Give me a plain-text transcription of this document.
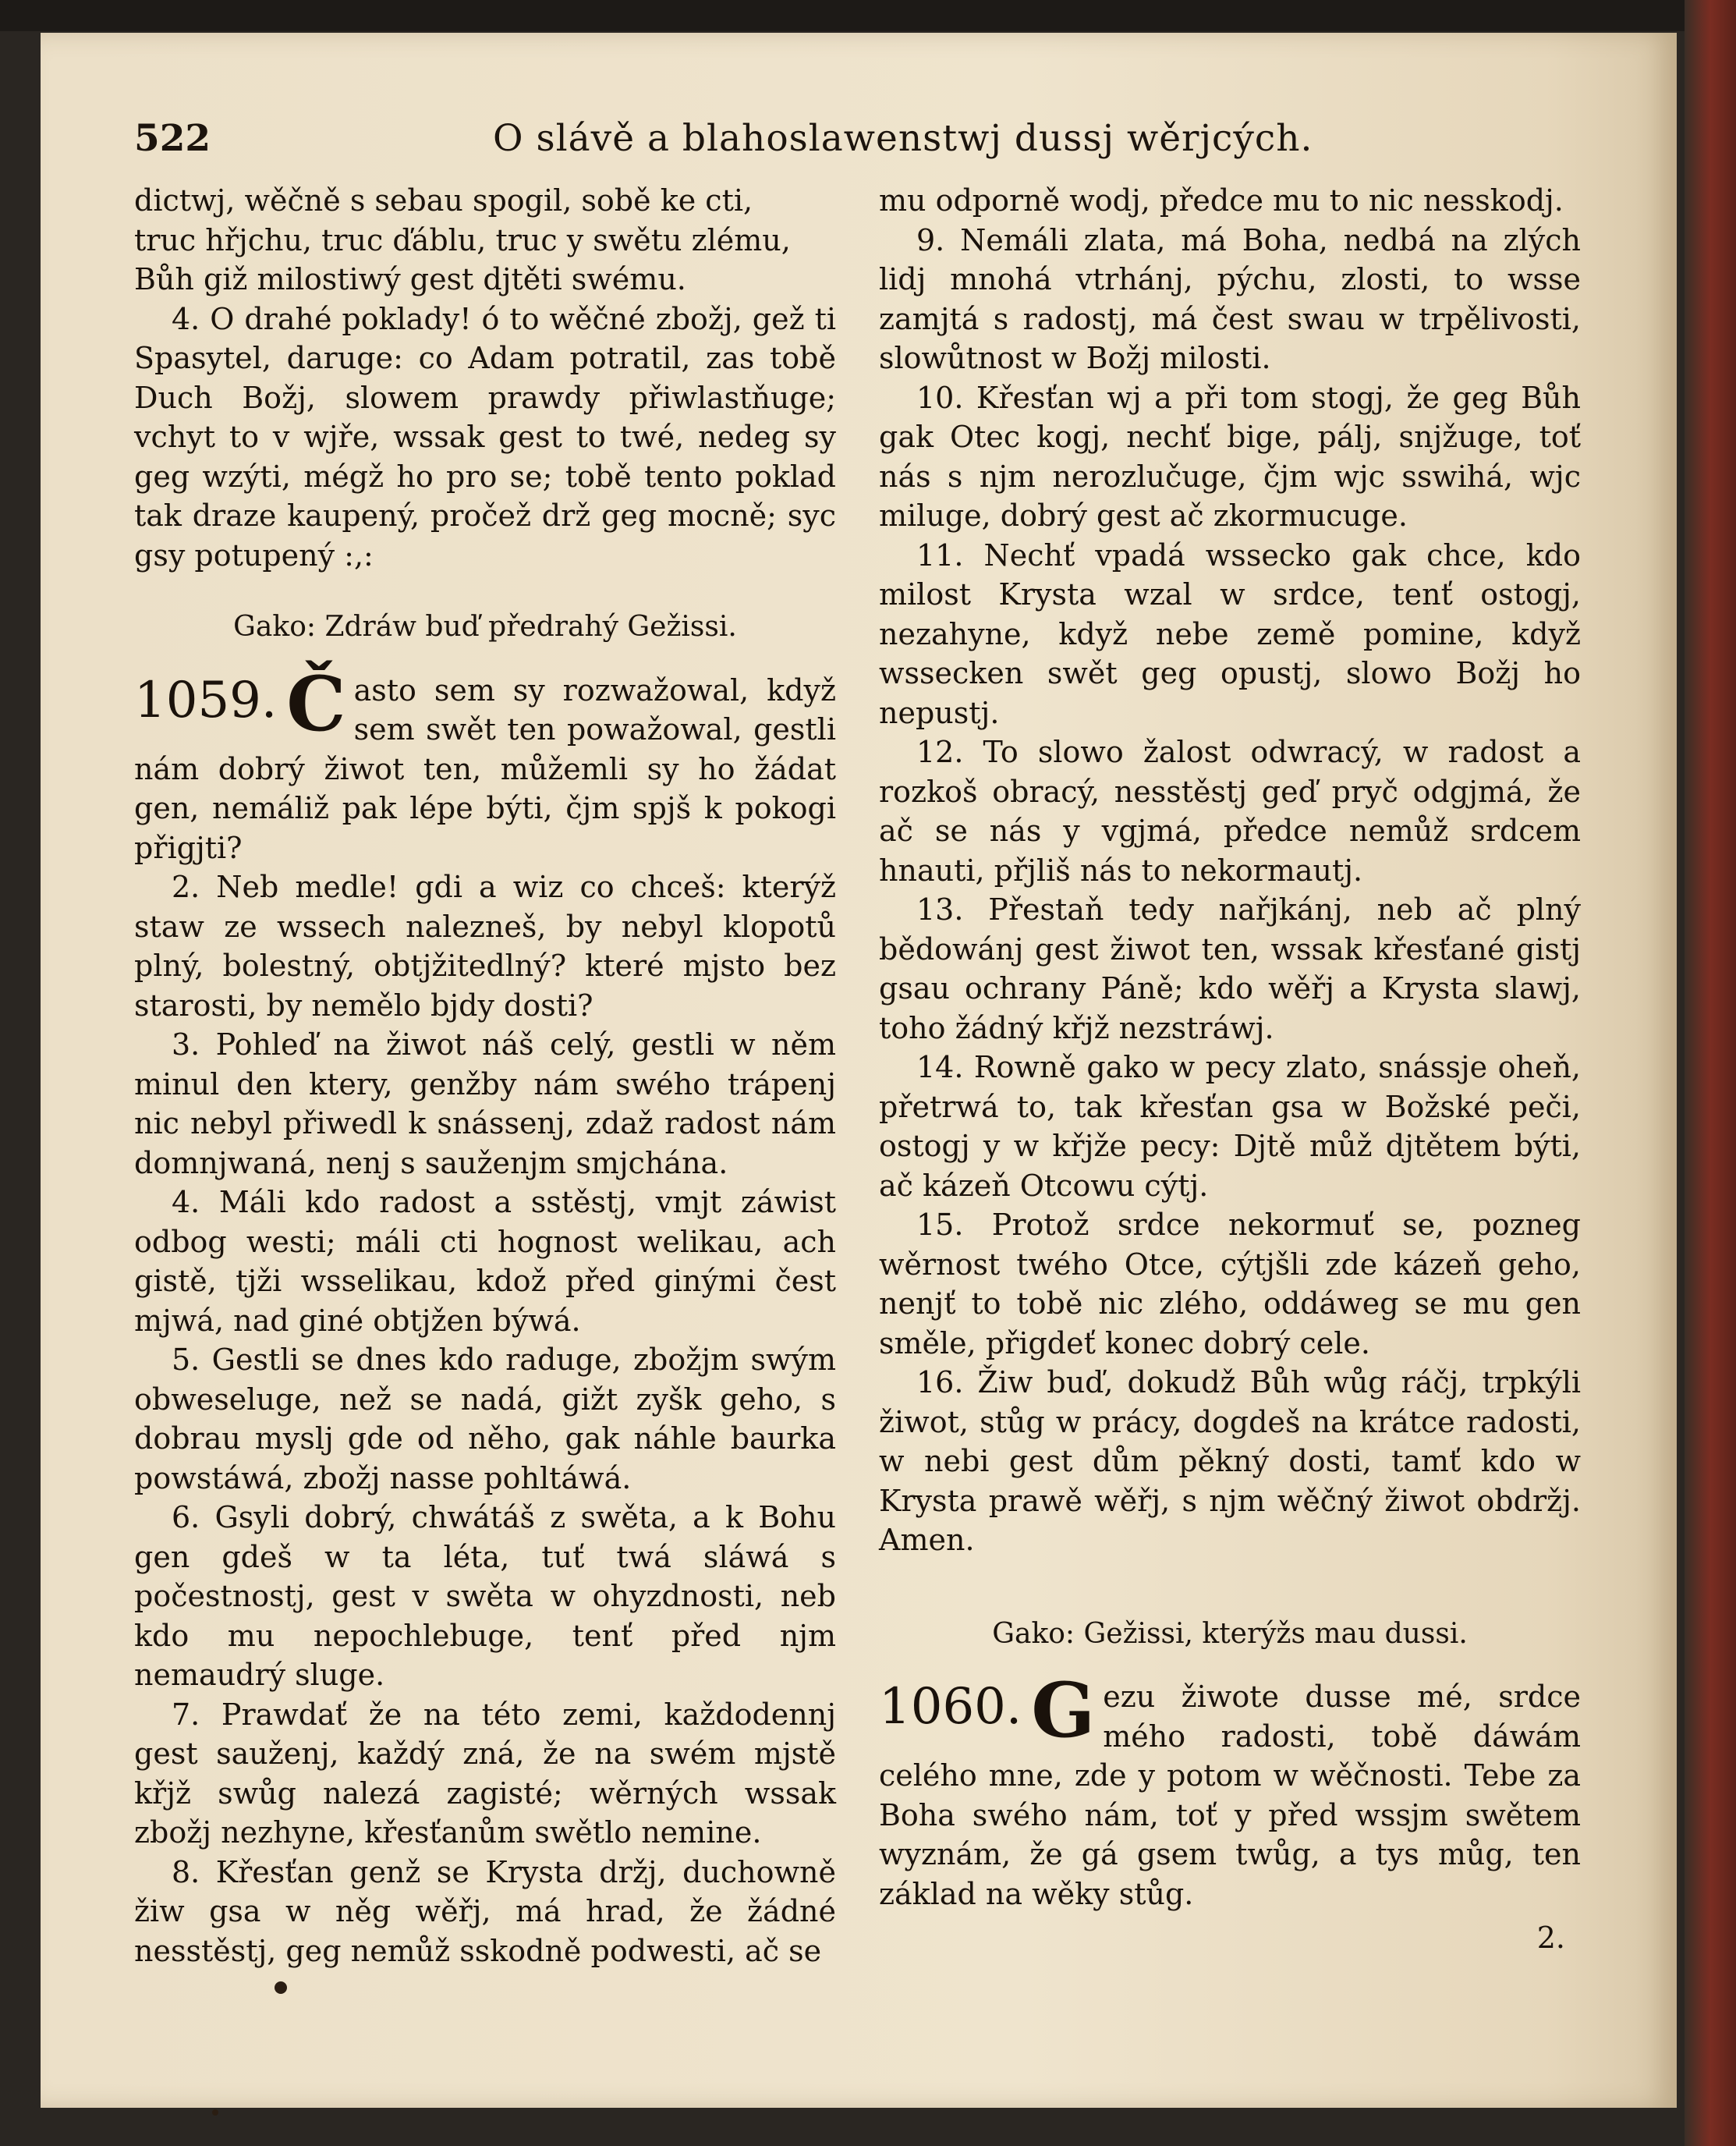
522	O slávě a blahoslawenstwj dussj wěrjcých.

dictwj, wěčně s sebau spogil, sobě ke cti,

truc hřjchu, truc ďáblu, truc y swětu zlému,

Bůh giž milostiwý gest djtěti swému.

4. O drahé poklady! ó to wěčné zbožj, gež ti Spasytel, daruge: co Adam potratil, zas tobě Duch Božj, slowem prawdy přiwlastňuge; vchyt to v wjře, wssak gest to twé, nedeg sy geg wzýti, mégž ho pro se; tobě tento poklad tak draze kaupený, pročež drž geg mocně; syc gsy potupený :,:

Gako: Zdráw buď předrahý Gežissi.

1059. Č asto sem sy rozwažowal, když sem swět ten powažowal, gestli nám dobrý žiwot ten, můžemli sy ho žádat gen, nemáliž pak lépe býti, čjm spjš k pokogi přigjti?

2. Neb medle! gdi a wiz co chceš: kterýž staw ze wssech nalezneš, by nebyl klopotů plný, bolestný, obtjžitedlný? které mjsto bez starosti, by nemělo bjdy dosti?

3. Pohleď na žiwot náš celý, gestli w něm minul den ktery, genžby nám swého trápenj nic nebyl přiwedl k snássenj, zdaž radost nám domnjwaná, nenj s sauženjm smjchána.

4. Máli kdo radost a sstěstj, vmjt záwist odbog westi; máli cti hognost welikau, ach gistě, tjži wsselikau, kdož před ginými čest mjwá, nad giné obtjžen býwá.

5. Gestli se dnes kdo raduge, zbožjm swým obweseluge, než se nadá, gižt zyšk geho, s dobrau myslj gde od něho, gak náhle baurka powstáwá, zbožj nasse pohltáwá.

6. Gsyli dobrý, chwátáš z swěta, a k Bohu gen gdeš w ta léta, tuť twá sláwá s počestnostj, gest v swěta w ohyzdnosti, neb kdo mu nepochlebuge, tenť před njm nemaudrý sluge.

7. Prawdať že na této zemi, každodennj gest sauženj, každý zná, že na swém mjstě křjž swůg nalezá zagisté; wěrných wssak zbožj nezhyne, křesťanům swětlo nemine.

8. Křesťan genž se Krysta držj, duchowně žiw gsa w něg wěřj, má hrad, že žádné nesstěstj, geg nemůž sskodně podwesti, ač se

mu odporně wodj, předce mu to nic nesskodj.

9. Nemáli zlata, má Boha, nedbá na zlých lidj mnohá vtrhánj, pýchu, zlosti, to wsse zamjtá s radostj, má čest swau w trpělivosti, slowůtnost w Božj milosti.

10. Křesťan wj a při tom stogj, že geg Bůh gak Otec kogj, nechť bige, pálj, snjžuge, toť nás s njm nerozlučuge, čjm wjc sswihá, wjc miluge, dobrý gest ač zkormucuge.

11. Nechť vpadá wssecko gak chce, kdo milost Krysta wzal w srdce, tenť ostogj, nezahyne, když nebe země pomine, když wssecken swět geg opustj, slowo Božj ho nepustj.

12. To slowo žalost odwracý, w radost a rozkoš obracý, nesstěstj geď pryč odgjmá, že ač se nás y vgjmá, předce nemůž srdcem hnauti, přjliš nás to nekormautj.

13. Přestaň tedy nařjkánj, neb ač plný bědowánj gest žiwot ten, wssak křesťané gistj gsau ochrany Páně; kdo wěřj a Krysta slawj, toho žádný křjž nezstráwj.

14. Rowně gako w pecy zlato, snássje oheň, přetrwá to, tak křesťan gsa w Božské peči, ostogj y w křjže pecy: Djtě můž djtětem býti, ač kázeň Otcowu cýtj.

15. Protož srdce nekormuť se, pozneg wěrnost twého Otce, cýtjšli zde kázeň geho, nenjť to tobě nic zlého, oddáweg se mu gen směle, přigdeť konec dobrý cele.

16. Žiw buď, dokudž Bůh wůg ráčj, trpkýli žiwot, stůg w prácy, dogdeš na krátce radosti, w nebi gest dům pěkný dosti, tamť kdo w Krysta prawě wěřj, s njm wěčný žiwot obdržj. Amen.

Gako: Gežissi, kterýžs mau dussi.

1060. G ezu žiwote dusse mé, srdce mého radosti, tobě dáwám celého mne, zde y potom w wěčnosti. Tebe za Boha swého nám, toť y před wssjm swětem wyznám, že gá gsem twůg, a tys můg, ten základ na wěky stůg.

2.
